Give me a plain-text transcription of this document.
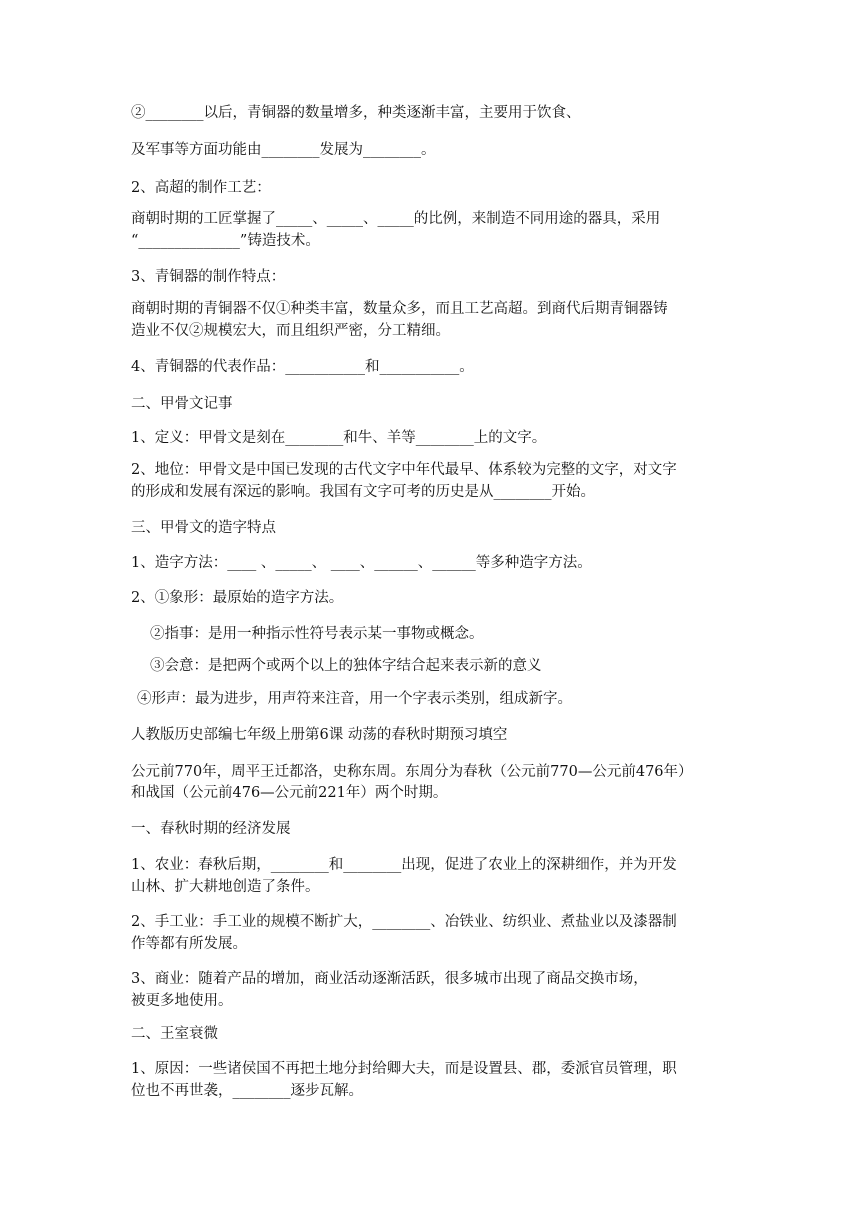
②________以后，青铜器的数量增多，种类逐渐丰富，主要用于饮食、

及军事等方面功能由________发展为________。

2、高超的制作工艺：

商朝时期的工匠掌握了_____、_____、_____的比例，来制造不同用途的器具，采用

“______________”铸造技术。

3、青铜器的制作特点：

商朝时期的青铜器不仅①种类丰富，数量众多，而且工艺高超。到商代后期青铜器铸

造业不仅②规模宏大，而且组织严密，分工精细。

4、青铜器的代表作品：___________和___________。

二、甲骨文记事

1、定义：甲骨文是刻在________和牛、羊等________上的文字。

2、地位：甲骨文是中国已发现的古代文字中年代最早、体系较为完整的文字，对文字

的形成和发展有深远的影响。我国有文字可考的历史是从________开始。

三、甲骨文的造字特点

1、造字方法：____ 、_____、 ____、______、______等多种造字方法。

2、①象形：最原始的造字方法。

②指事：是用一种指示性符号表示某一事物或概念。

③会意：是把两个或两个以上的独体字结合起来表示新的意义

④形声：最为进步，用声符来注音，用一个字表示类别，组成新字。

人教版历史部编七年级上册第6课 动荡的春秋时期预习填空

公元前770年，周平王迁都洛，史称东周。东周分为春秋（公元前770—公元前476年）

和战国（公元前476—公元前221年）两个时期。

一、春秋时期的经济发展

1、农业：春秋后期，________和________出现，促进了农业上的深耕细作，并为开发

山林、扩大耕地创造了条件。

2、手工业：手工业的规模不断扩大，________、冶铁业、纺织业、煮盐业以及漆器制

作等都有所发展。

3、商业：随着产品的增加，商业活动逐渐活跃，很多城市出现了商品交换市场，

被更多地使用。

二、王室衰微

1、原因：一些诸侯国不再把土地分封给卿大夫，而是设置县、郡，委派官员管理，职

位也不再世袭，________逐步瓦解。
